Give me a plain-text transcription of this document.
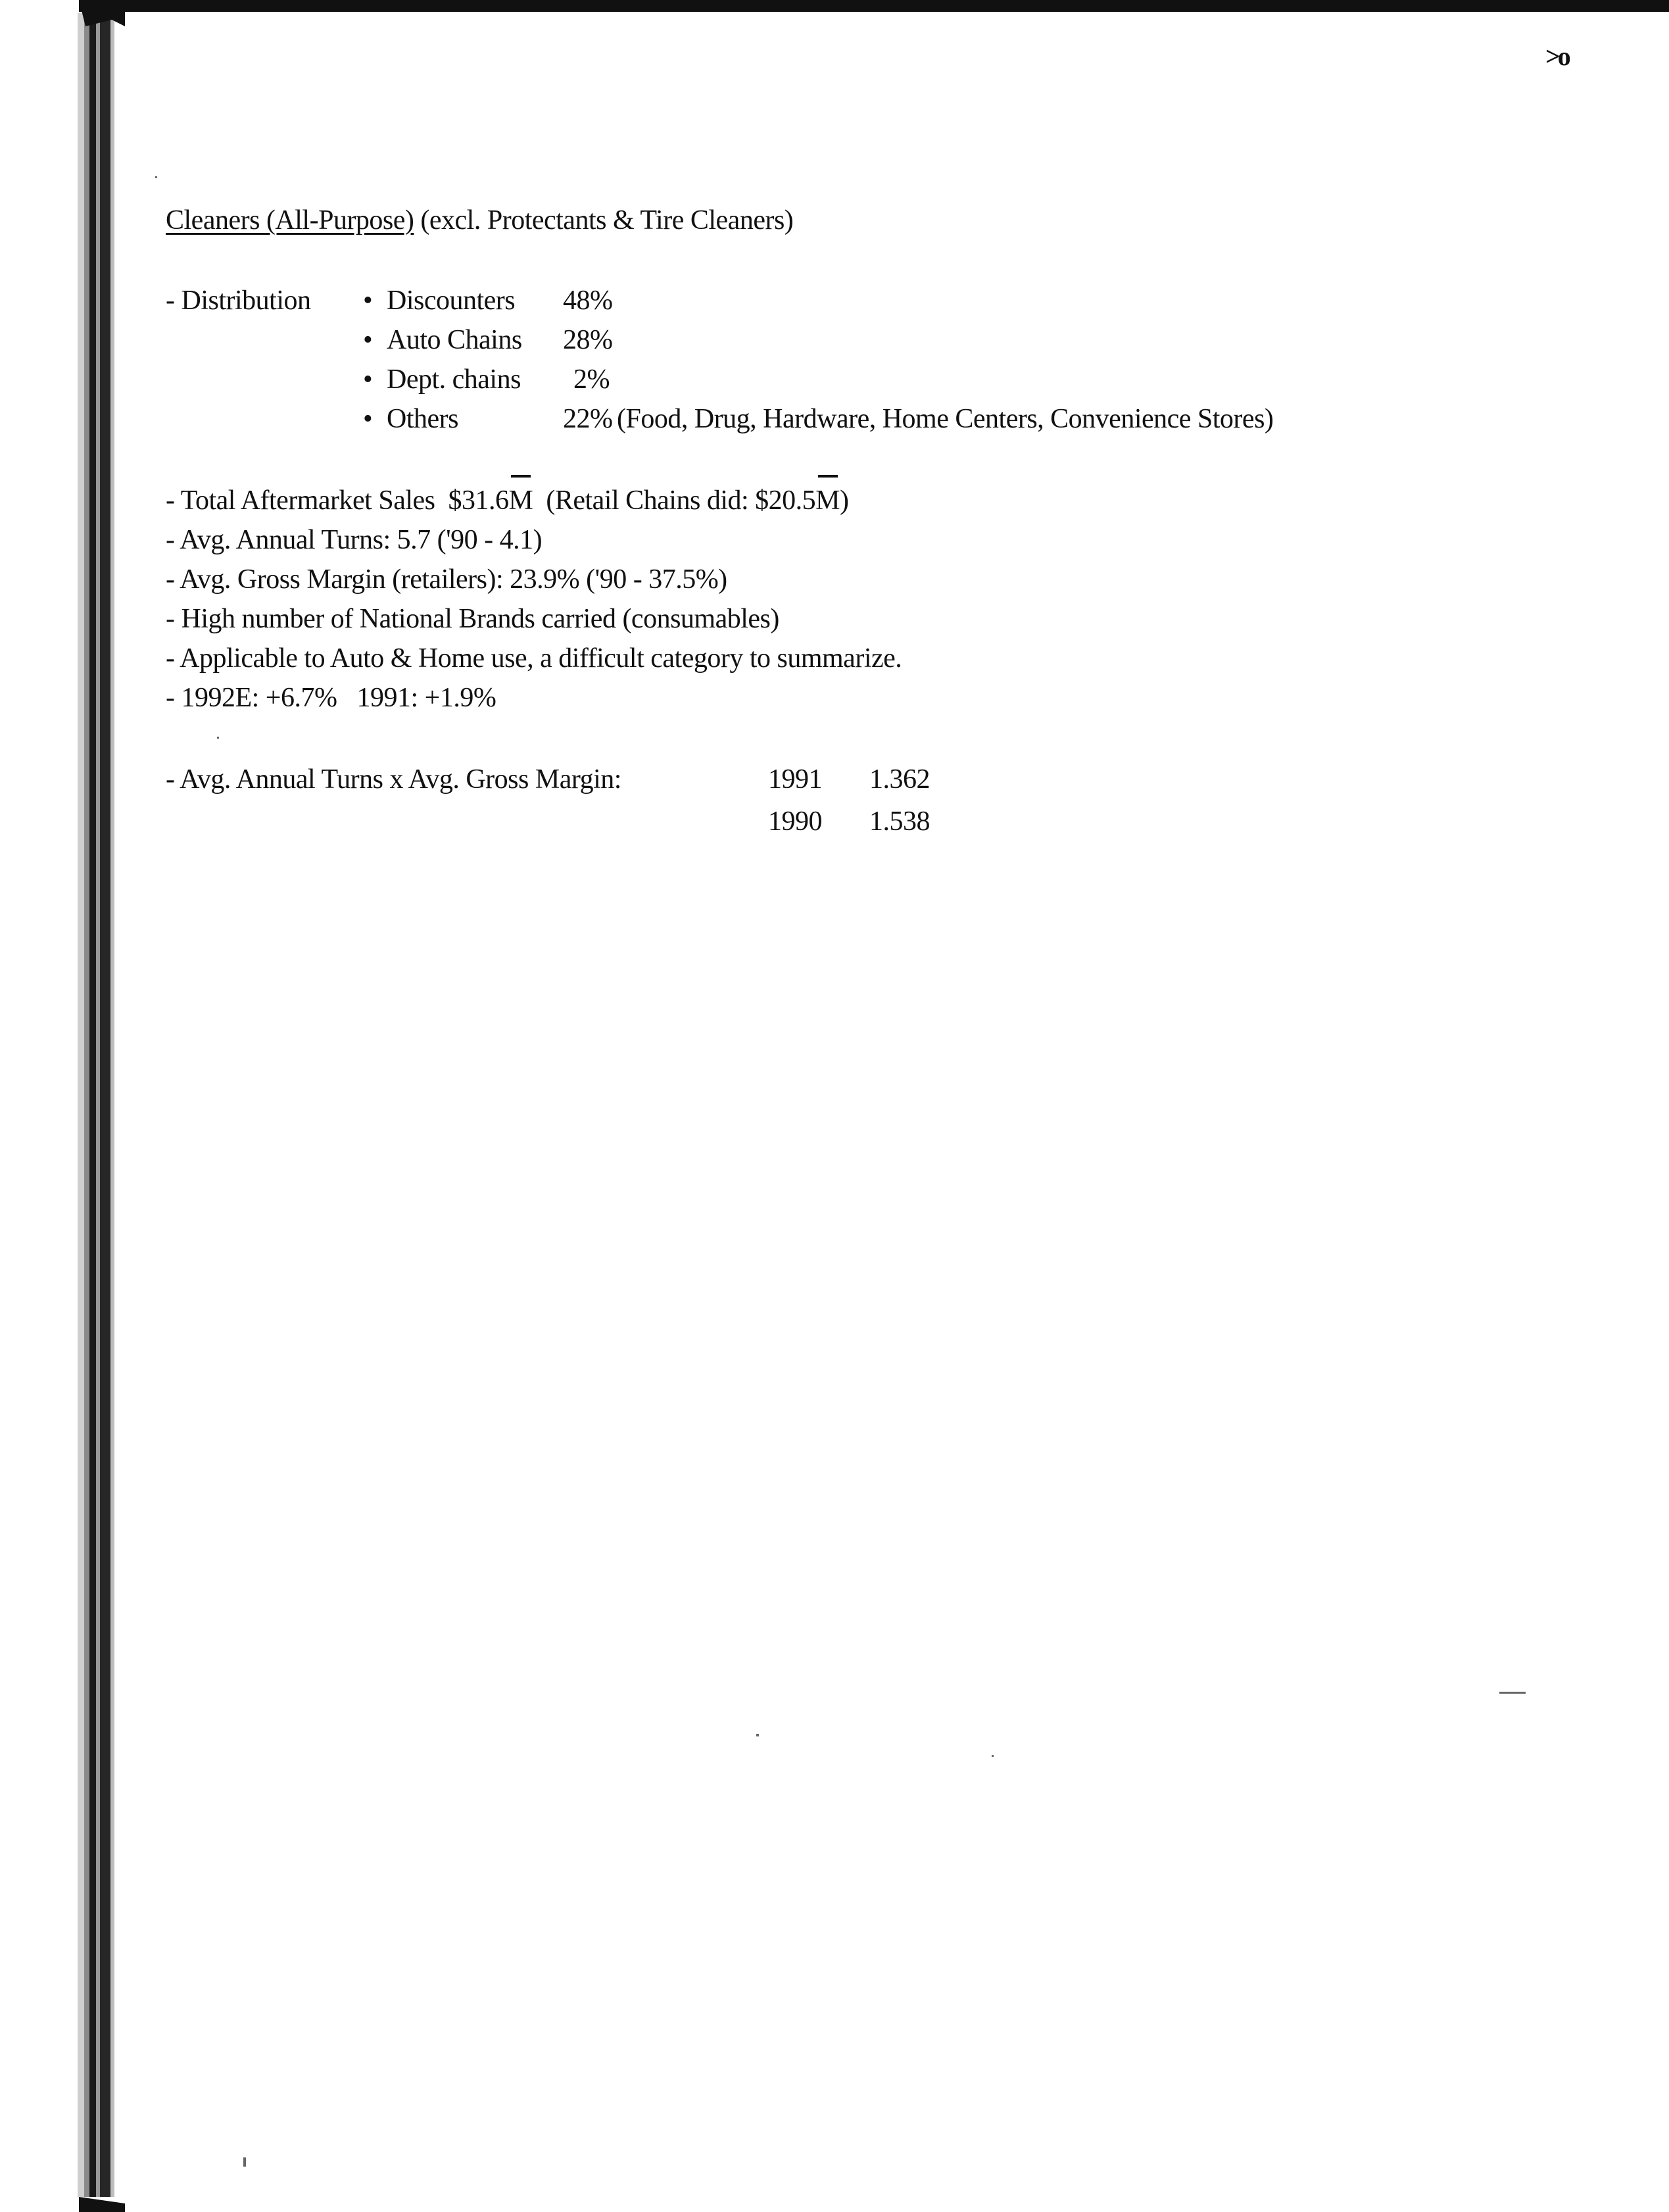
>o
Cleaners (All-Purpose) (excl. Protectants & Tire Cleaners)
- Distribution • Discounters 48%
• Auto Chains 28%
• Dept. chains 2%
• Others	22% (Food, Drug, Hardware, Home Centers, Convenience Stores)
- Total Aftermarket Sales $31.6M (Retail Chains did: $20.5M)
- Avg. Annual Turns: 5.7 ('90 - 4.1)
- Avg. Gross Margin (retailers): 23.9% ('90 - 37.5%)
- High number of National Brands carried (consumables)
- Applicable to Auto & Home use, a difficult category to summarize.
- 1992E: +6.7%   1991: +1.9%
- Avg. Annual Turns x Avg. Gross Margin:	1991 1.362
1990 1.538
